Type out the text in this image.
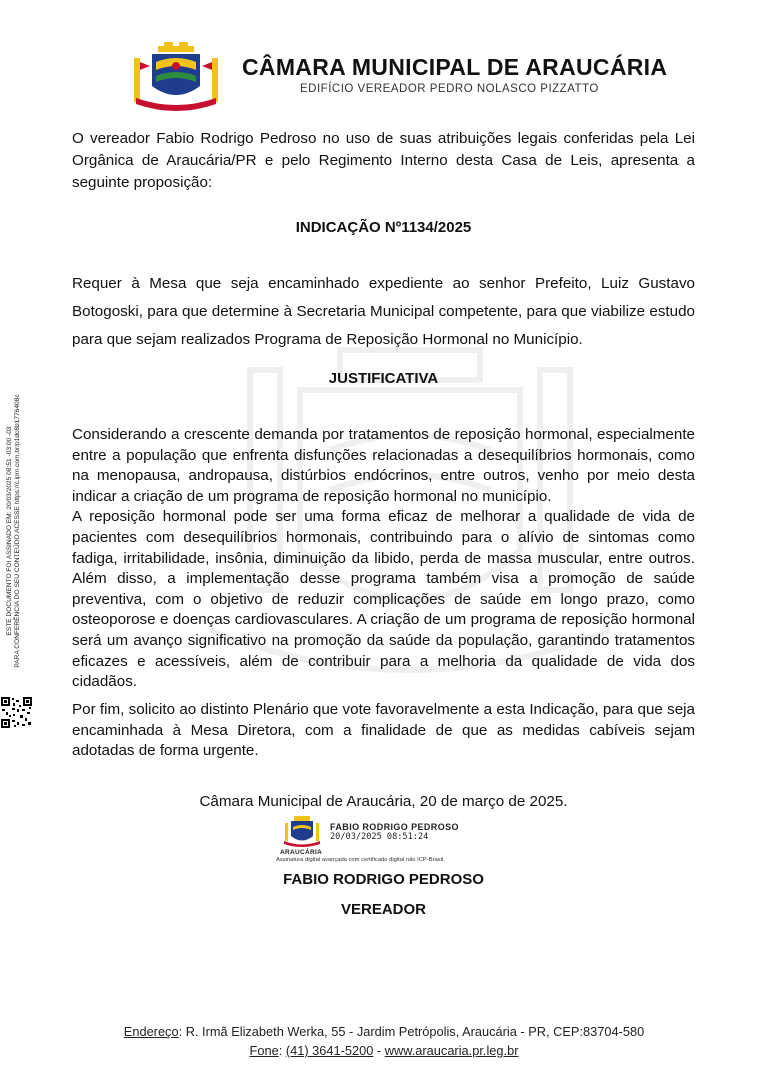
CÂMARA MUNICIPAL DE ARAUCÁRIA
EDIFÍCIO VEREADOR PEDRO NOLASCO PIZZATTO
ESTE DOCUMENTO FOI ASSINADO EM: 20/03/2025 08:51 -03:00 -03 PARA CONFERÊNCIA DO SEU CONTEÚDO ACESSE https://c.ipm.com.br/p1dc8b1776408c
O vereador Fabio Rodrigo Pedroso no uso de suas atribuições legais conferidas pela Lei Orgânica de Araucária/PR e pelo Regimento Interno desta Casa de Leis, apresenta a seguinte proposição:
INDICAÇÃO Nº1134/2025
Requer à Mesa que seja encaminhado expediente ao senhor Prefeito, Luiz Gustavo Botogoski, para que determine à Secretaria Municipal competente, para que viabilize estudo para que sejam realizados Programa de Reposição Hormonal no Município.
JUSTIFICATIVA

Considerando a crescente demanda por tratamentos de reposição hormonal, especialmente entre a população que enfrenta disfunções relacionadas a desequilíbrios hormonais, como na menopausa, andropausa, distúrbios endócrinos, entre outros, venho por meio desta indicar a criação de um programa de reposição hormonal no município.

A reposição hormonal pode ser uma forma eficaz de melhorar a qualidade de vida de pacientes com desequilíbrios hormonais, contribuindo para o alívio de sintomas como fadiga, irritabilidade, insônia, diminuição da libido, perda de massa muscular, entre outros. Além disso, a implementação desse programa também visa a promoção de saúde preventiva, com o objetivo de reduzir complicações de saúde em longo prazo, como osteoporose e doenças cardiovasculares. A criação de um programa de reposição hormonal será um avanço significativo na promoção da saúde da população, garantindo tratamentos eficazes e acessíveis, além de contribuir para a melhoria da qualidade de vida dos cidadãos.

Por fim, solicito ao distinto Plenário que vote favoravelmente a esta Indicação, para que seja encaminhada à Mesa Diretora, com a finalidade de que as medidas cabíveis sejam adotadas de forma urgente.
Câmara Municipal de Araucária, 20 de março de 2025.
ARAUCÁRIA
FABIO RODRIGO PEDROSO
20/03/2025 08:51:24
Assinatura digital avançada com certificado digital não ICP-Brasil.
FABIO RODRIGO PEDROSO
VEREADOR
Endereço: R. Irmã Elizabeth Werka, 55 - Jardim Petrópolis, Araucária - PR, CEP:83704-580
Fone: (41) 3641-5200 - www.araucaria.pr.leg.br
